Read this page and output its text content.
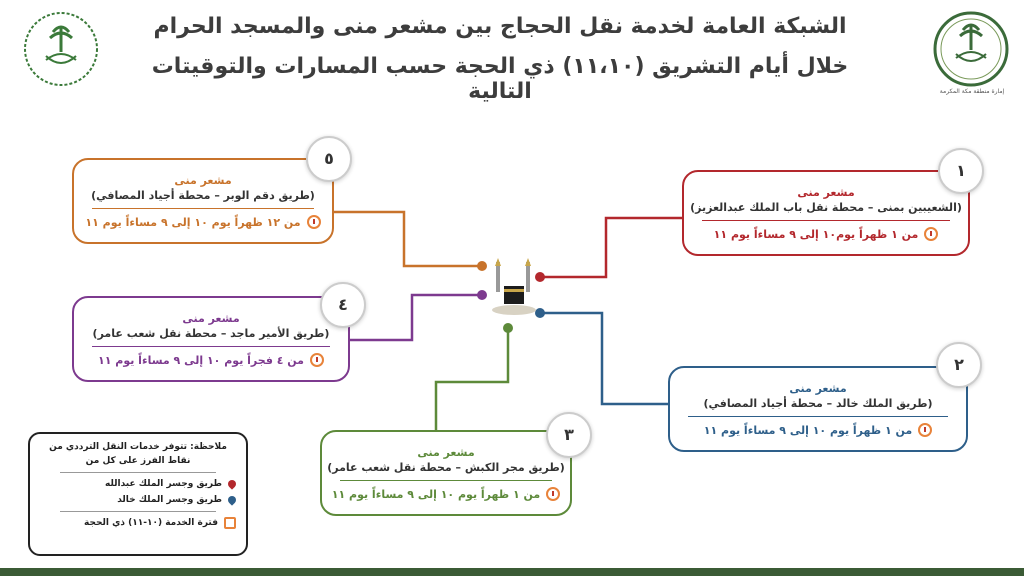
الشبكة العامة لخدمة نقل الحجاج بين مشعر منى والمسجد الحرام
خلال أيام التشريق (١١،١٠) ذي الحجة حسب المسارات والتوقيتات التالية	إمارة منطقة مكة المكرمة
مشعر منى
(الشعيبين بمنى – محطة نقل باب الملك عبدالعزيز)
من ١ ظهراً يوم١٠ إلى ٩ مساءاً يوم ١١
١
مشعر منى
(طريق الملك خالد – محطة أجياد المصافي)
من ١ ظهراً يوم ١٠ إلى ٩ مساءاً يوم ١١
٢
مشعر منى
(طريق مجر الكبش – محطة نقل شعب عامر)
من ١ ظهراً يوم ١٠ إلى ٩ مساءاً يوم ١١
٣
مشعر منى
(طريق الأمير ماجد – محطة نقل شعب عامر)
من ٤ فجراً يوم ١٠ إلى ٩ مساءاً يوم ١١
٤
مشعر منى
(طريق دقم الوبر – محطة أجياد المصافي)
من ١٢ ظهراً يوم ١٠ إلى ٩ مساءاً يوم ١١
٥
ملاحظة: تتوفر خدمات النقل الترددي من نقاط الفرز على كل من
طريق وجسر الملك عبدالله
طريق وجسر الملك خالد
فترة الخدمة (١٠-١١) ذي الحجة
